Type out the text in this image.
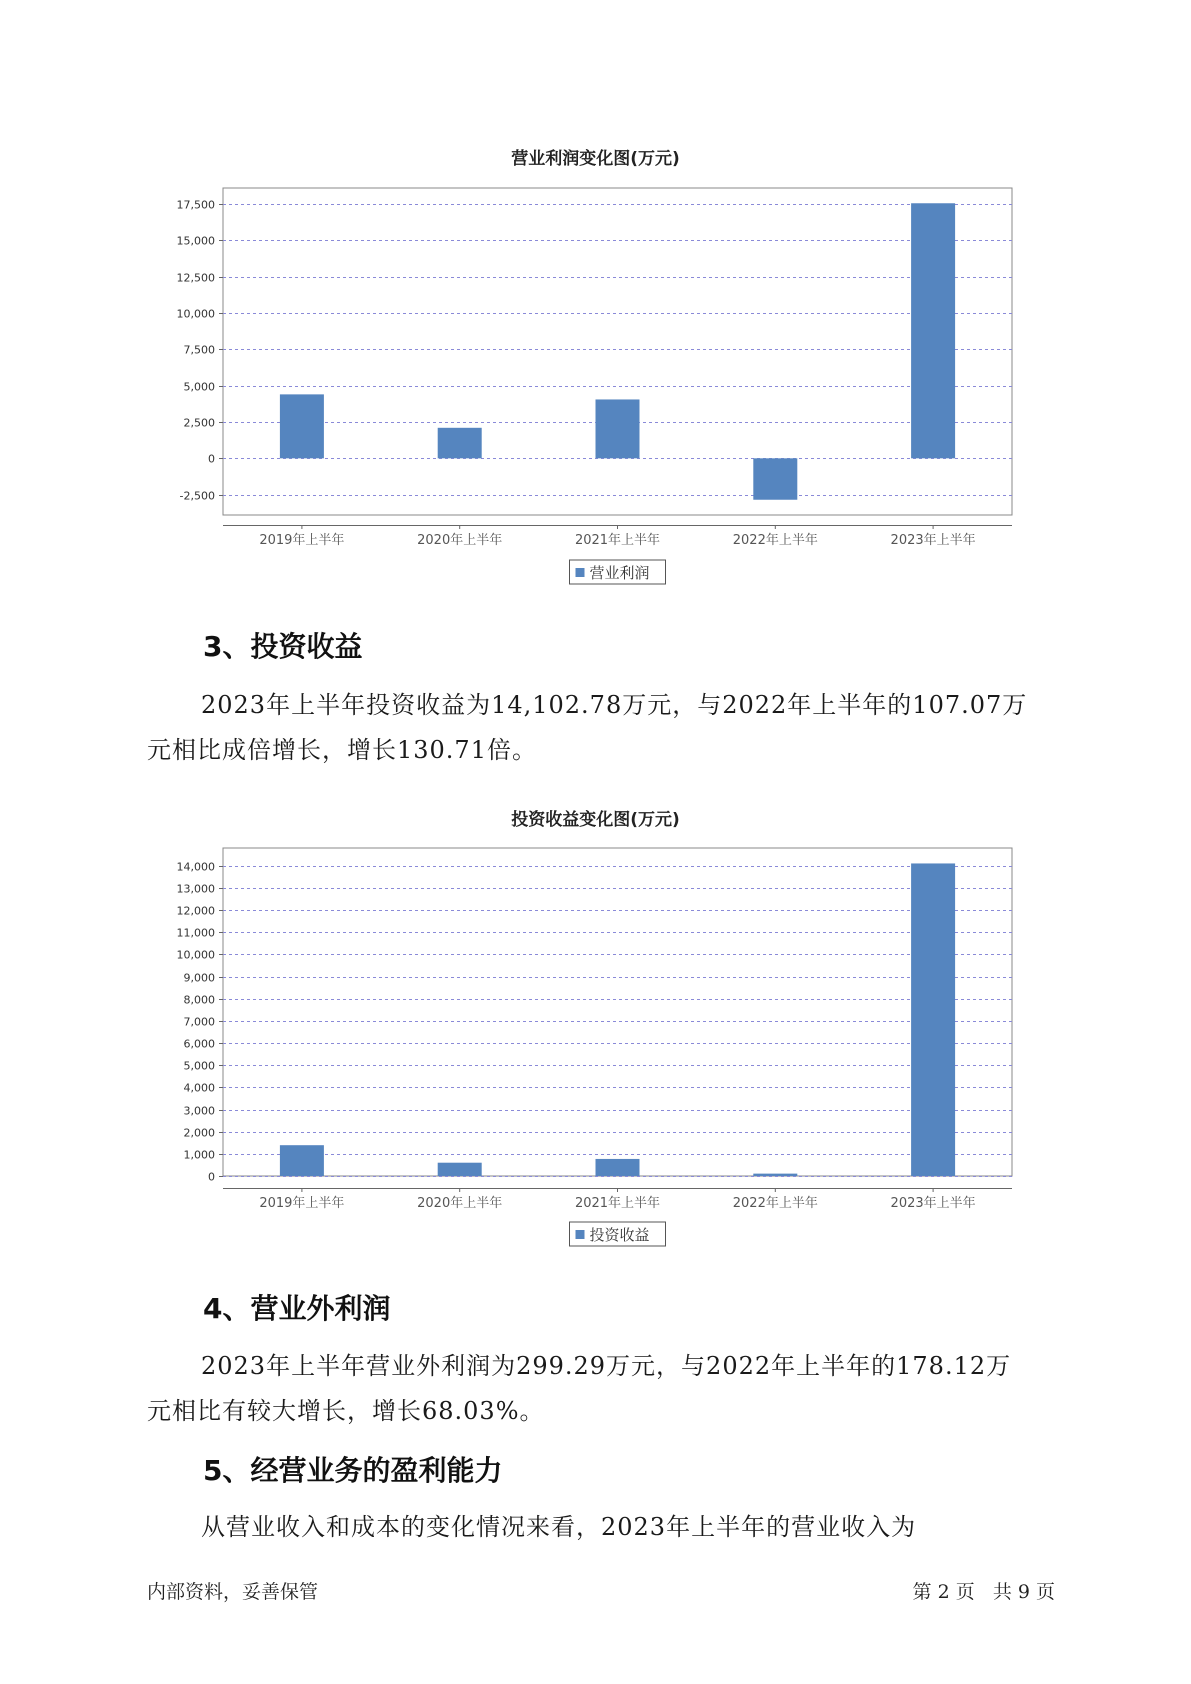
营业利润变化图(万元)
-2,500
0
2,500
5,000
7,500
10,000
12,500
15,000
17,500
2019年上半年	2020年上半年	2021年上半年	2022年上半年	2023年上半年
营业利润
3、投资收益

2023年上半年投资收益为14,102.78万元，与2022年上半年的107.07万
元相比成倍增长，增长130.71倍。

投资收益变化图(万元)
0
1,000
2,000
3,000
4,000
5,000
6,000
7,000
8,000
9,000
10,000
11,000
12,000
13,000
14,000
2019年上半年	2020年上半年	2021年上半年	2022年上半年	2023年上半年
投资收益
4、营业外利润

2023年上半年营业外利润为299.29万元，与2022年上半年的178.12万
元相比有较大增长，增长68.03%。

5、经营业务的盈利能力

从营业收入和成本的变化情况来看，2023年上半年的营业收入为

内部资料，妥善保管	第 2 页   共 9 页
